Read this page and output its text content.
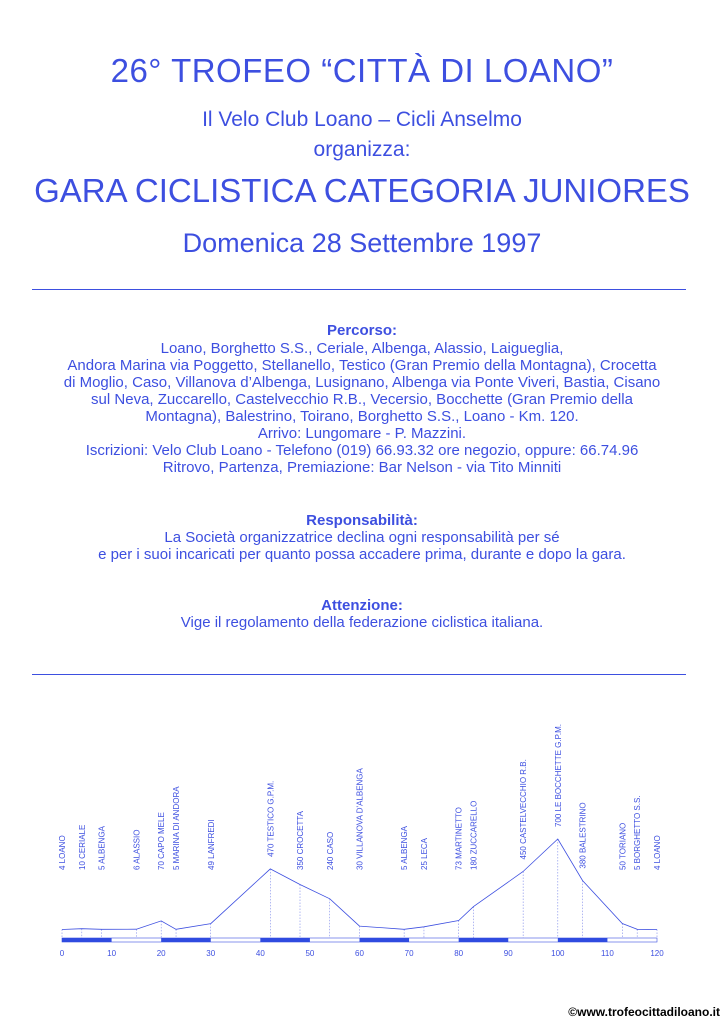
26° TROFEO “CITTÀ DI LOANO”
Il Velo Club Loano – Cicli Anselmo
organizza:
GARA CICLISTICA CATEGORIA JUNIORES
Domenica 28 Settembre 1997
Percorso:
Loano, Borghetto S.S., Ceriale, Albenga, Alassio, Laigueglia,
Andora Marina via Poggetto, Stellanello, Testico (Gran Premio della Montagna), Crocetta
di Moglio, Caso, Villanova d’Albenga, Lusignano, Albenga via Ponte Viveri, Bastia, Cisano
sul Neva, Zuccarello, Castelvecchio R.B., Vecersio, Bocchette (Gran Premio della
Montagna), Balestrino, Toirano, Borghetto S.S., Loano - Km. 120.
Arrivo: Lungomare - P. Mazzini.
Iscrizioni: Velo Club Loano - Telefono (019) 66.93.32 ore negozio, oppure: 66.74.96
Ritrovo, Partenza, Premiazione: Bar Nelson - via Tito Minniti
Responsabilità:
La Società organizzatrice declina ogni responsabilità per sé
e per i suoi incaricati per quanto possa accadere prima, durante e dopo la gara.
Attenzione:
Vige il regolamento della federazione ciclistica italiana.
0	10	20	30	40	50	60	70	80	90	100	110	120
4 LOANO 10 CERIALE 5 ALBENGA	6 ALASSIO 70 CAPO MELE 5 MARINA DI ANDORA	49 LANFREDI	470 TESTICO G.P.M.	350 CROCETTA	240 CASO	30 VILLANOVA D'ALBENGA	5 ALBENGA 25 LECA	73 MARTINETTO 180 ZUCCARELLO	450 CASTELVECCHIO R.B.	700 LE BOCCHETTE G.P.M.
380 BALESTRINO	50 TORIANO 5 BORGHETTO S.S. 4 LOANO
©www.trofeocittadiloano.it
